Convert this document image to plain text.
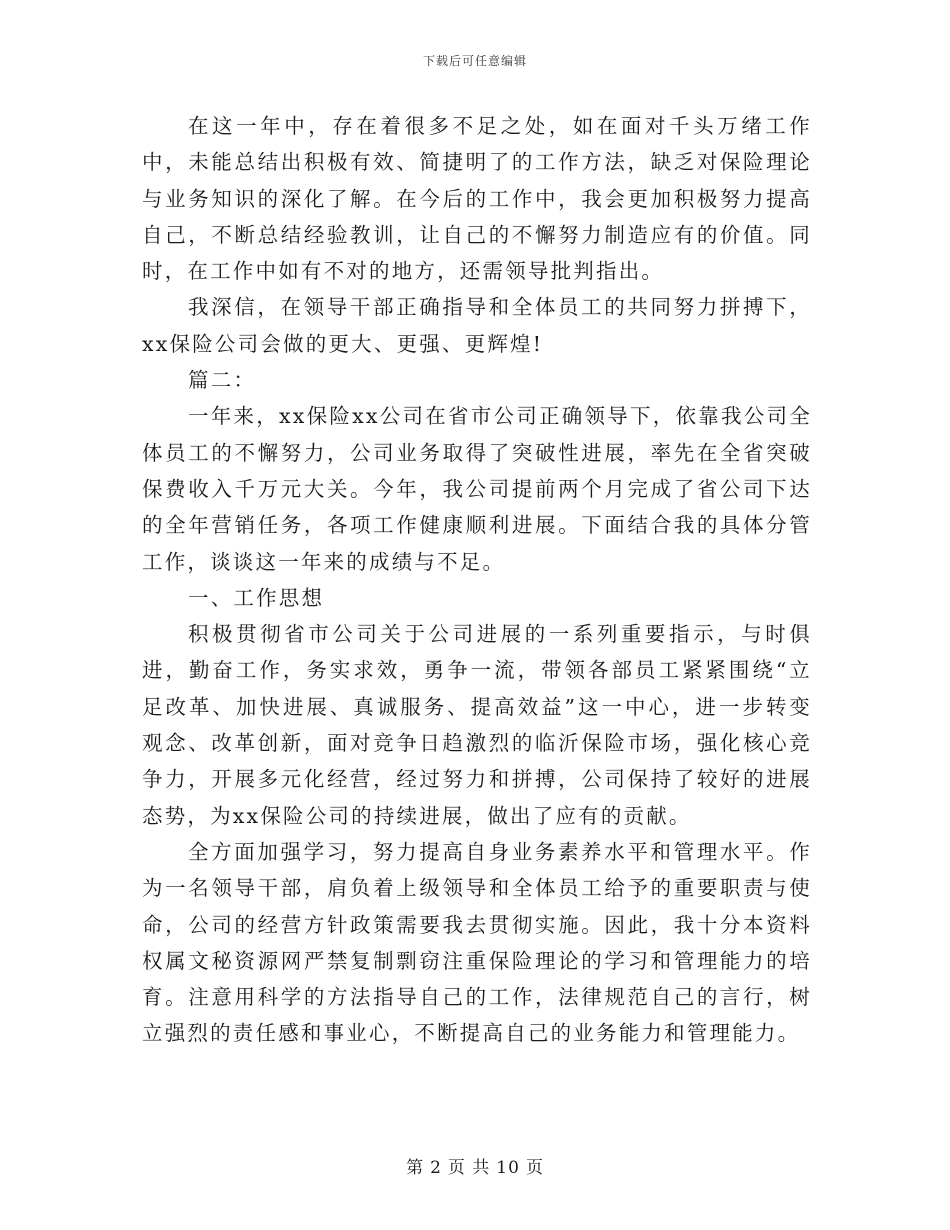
下载后可任意编辑

在这一年中，存在着很多不足之处，如在面对千头万绪工作中，未能总结出积极有效、简捷明了的工作方法，缺乏对保险理论与业务知识的深化了解。在今后的工作中，我会更加积极努力提高自己，不断总结经验教训，让自己的不懈努力制造应有的价值。同时，在工作中如有不对的地方，还需领导批判指出。

我深信，在领导干部正确指导和全体员工的共同努力拼搏下，xx保险公司会做的更大、更强、更辉煌!

篇二：

一年来，xx保险xx公司在省市公司正确领导下，依靠我公司全体员工的不懈努力，公司业务取得了突破性进展，率先在全省突破保费收入千万元大关。今年，我公司提前两个月完成了省公司下达的全年营销任务，各项工作健康顺利进展。下面结合我的具体分管工作，谈谈这一年来的成绩与不足。

一、工作思想

积极贯彻省市公司关于公司进展的一系列重要指示，与时俱进，勤奋工作，务实求效，勇争一流，带领各部员工紧紧围绕“立足改革、加快进展、真诚服务、提高效益”这一中心，进一步转变观念、改革创新，面对竞争日趋激烈的临沂保险市场，强化核心竞争力，开展多元化经营，经过努力和拼搏，公司保持了较好的进展态势，为xx保险公司的持续进展，做出了应有的贡献。

全方面加强学习，努力提高自身业务素养水平和管理水平。作为一名领导干部，肩负着上级领导和全体员工给予的重要职责与使命，公司的经营方针政策需要我去贯彻实施。因此，我十分本资料权属文秘资源网严禁复制剽窃注重保险理论的学习和管理能力的培育。注意用科学的方法指导自己的工作，法律规范自己的言行，树立强烈的责任感和事业心，不断提高自己的业务能力和管理能力。

第 2 页 共 10 页
